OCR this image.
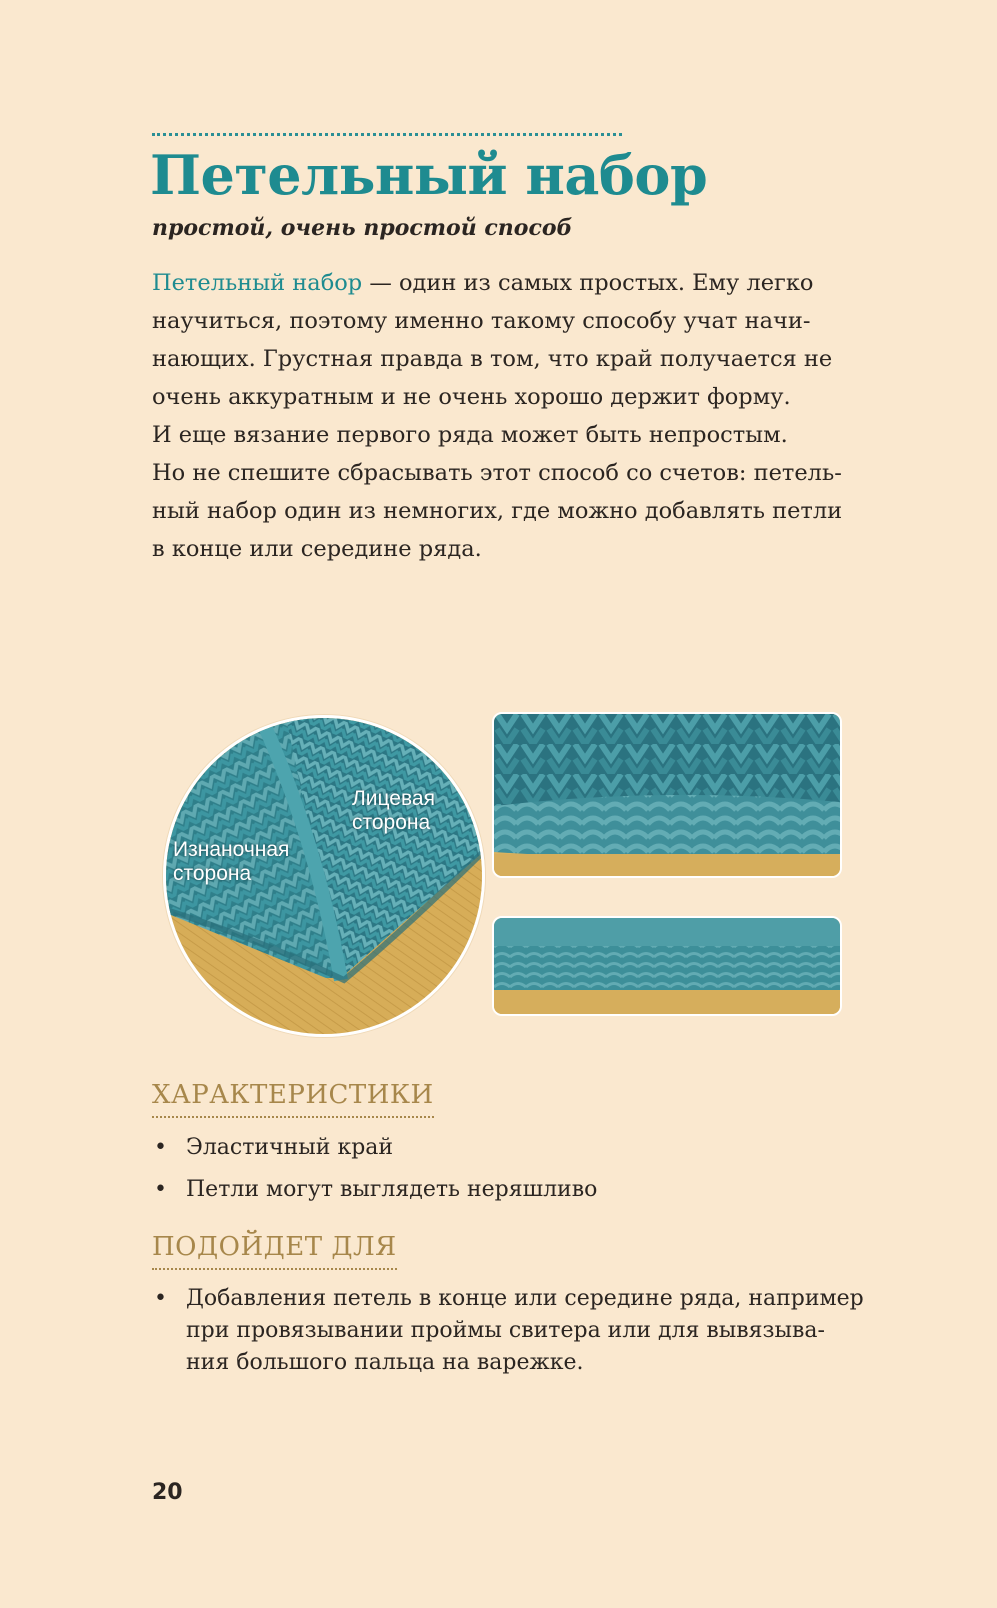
Петельный набор

простой, очень простой способ

Петельный набор — один из самых простых. Ему легко
научиться, поэтому именно такому способу учат начи-
нающих. Грустная правда в том, что край получается не
очень аккуратным и не очень хорошо держит форму.
И еще вязание первого ряда может быть непростым.
Но не спешите сбрасывать этот способ со счетов: петель-
ный набор один из немногих, где можно добавлять петли
в конце или середине ряда.

Изнаночная
сторона
Лицевая
сторона
ХАРАКТЕРИСТИКИ
• Эластичный край
• Петли могут выглядеть неряшливо
ПОДОЙДЕТ ДЛЯ
• Добавления петель в конце или середине ряда, например
при провязывании проймы свитера или для вывязыва-
ния большого пальца на варежке.

20
